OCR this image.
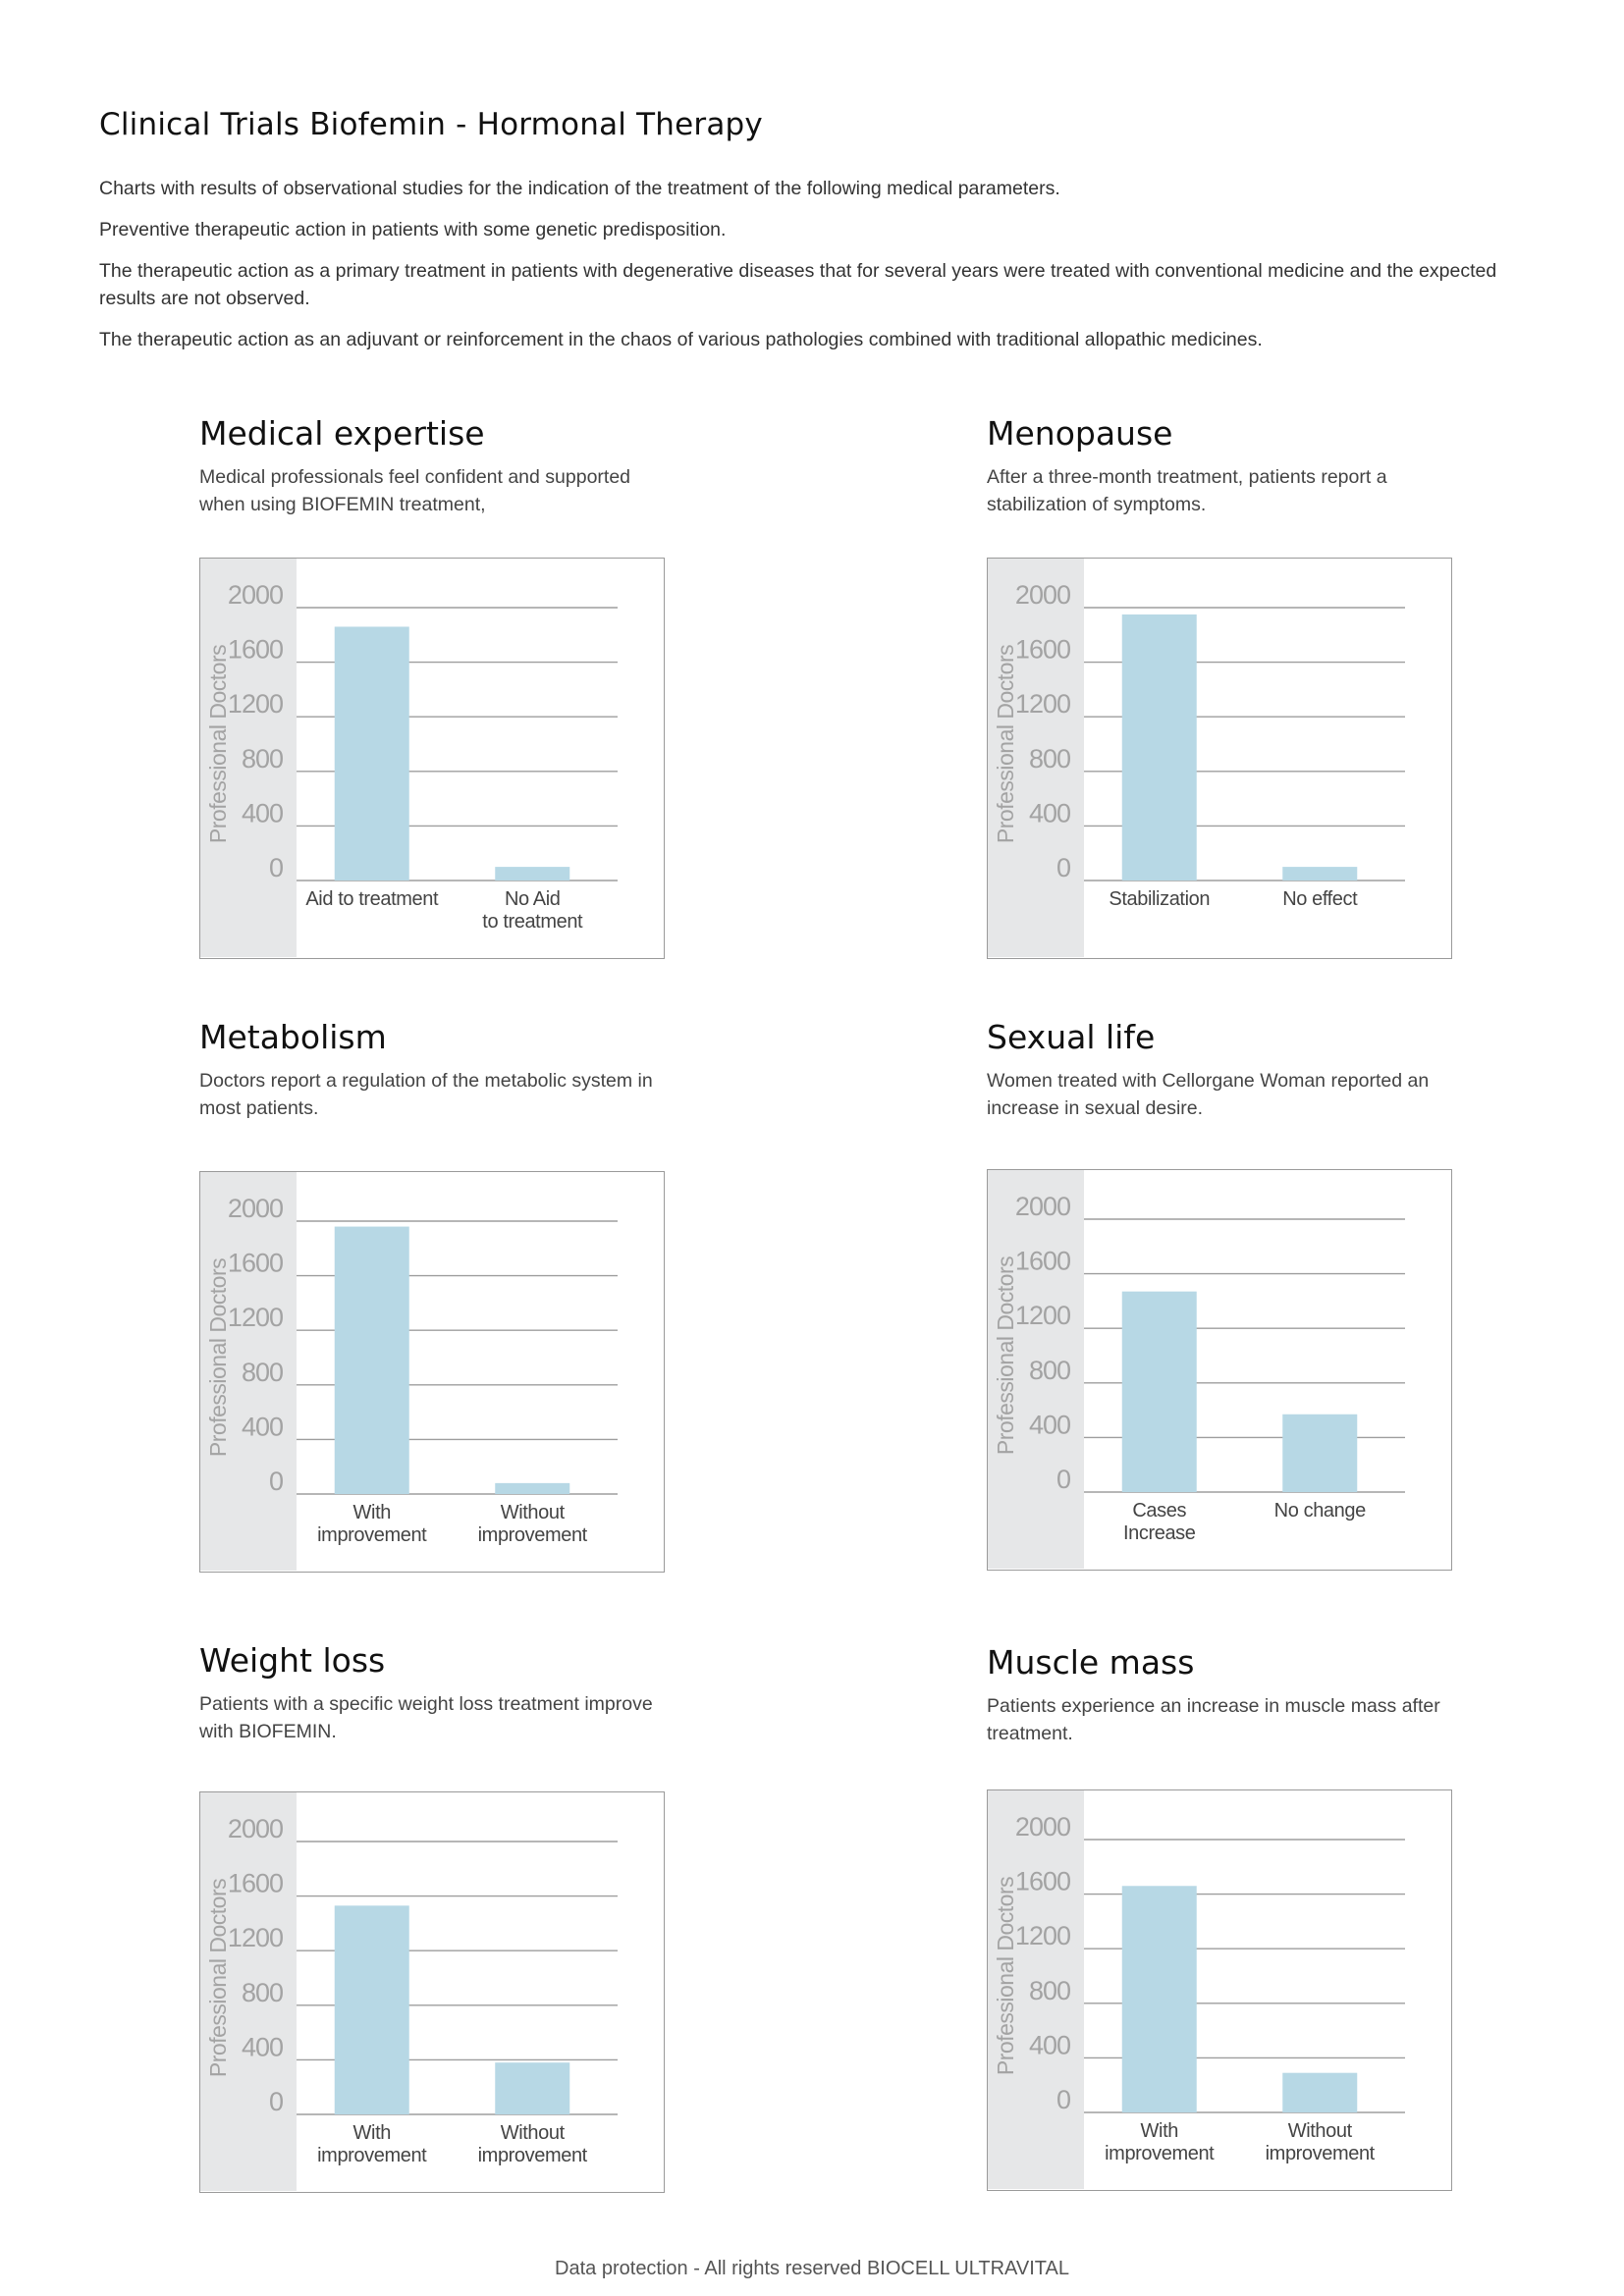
Clinical Trials Biofemin - Hormonal Therapy

Charts with results of observational studies for the indication of the treatment of the following medical parameters.

Preventive therapeutic action in patients with some genetic predisposition.

The therapeutic action as a primary treatment in patients with degenerative diseases that for several years were treated with conventional medicine and the expected results are not observed.

The therapeutic action as an adjuvant or reinforcement in the chaos of various pathologies combined with traditional allopathic medicines.

Medical expertise

Medical professionals feel confident and supported when using BIOFEMIN treatment,

2000
1600
1200
800
400
0
Professional Doctors
Aid to treatment	No Aid
to treatment
Menopause

After a three-month treatment, patients report a stabilization of symptoms.

2000
1600
1200
800
400
0
Professional Doctors
Stabilization	No effect
Metabolism

Doctors report a regulation of the metabolic system in most patients.

2000
1600
1200
800
400
0
Professional Doctors
With
improvement
Without
improvement
Sexual life

Women treated with Cellorgane Woman reported an increase in sexual desire.

2000
1600
1200
800
400
0
Professional Doctors
Cases
Increase
No change
Weight loss

Patients with a specific weight loss treatment improve with BIOFEMIN.

2000
1600
1200
800
400
0
Professional Doctors
With
improvement
Without
improvement
Muscle mass

Patients experience an increase in muscle mass after treatment.

2000
1600
1200
800
400
0
Professional Doctors
With
improvement
Without
improvement
Data protection - All rights reserved BIOCELL ULTRAVITAL
